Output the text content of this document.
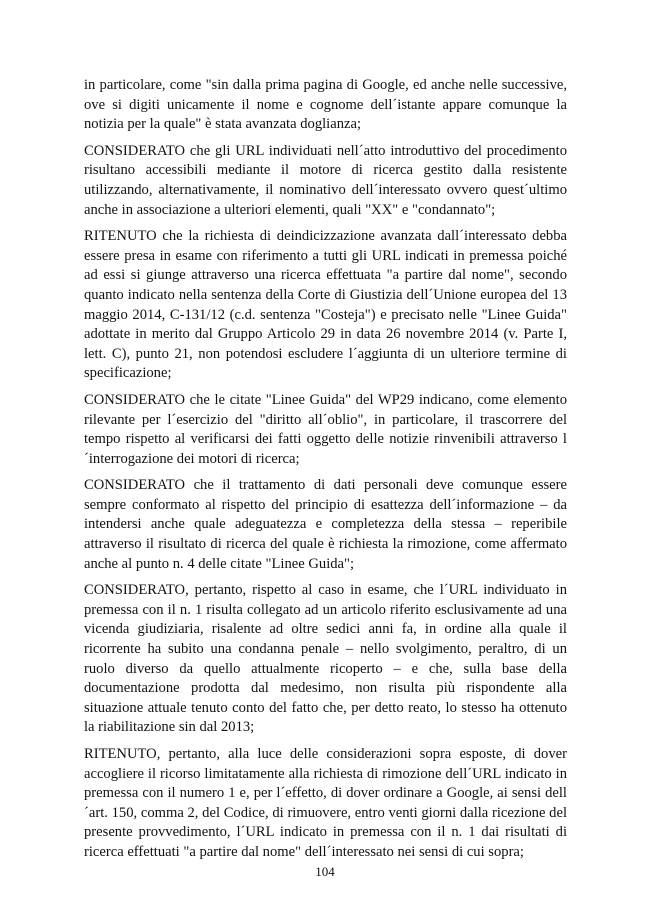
in particolare, come "sin dalla prima pagina di Google, ed anche nelle successive, ove si digiti unicamente il nome e cognome dell´istante appare comunque la notizia per la quale" è stata avanzata doglianza;

CONSIDERATO che gli URL individuati nell´atto introduttivo del procedimento risultano accessibili mediante il motore di ricerca gestito dalla resistente utilizzando, alternativamente, il nominativo dell´interessato ovvero quest´ultimo anche in associazione a ulteriori elementi, quali "XX" e "condannato";

RITENUTO che la richiesta di deindicizzazione avanzata dall´interessato debba essere presa in esame con riferimento a tutti gli URL indicati in premessa poiché ad essi si giunge attraverso una ricerca effettuata "a partire dal nome", secondo quanto indicato nella sentenza della Corte di Giustizia dell´Unione europea del 13 maggio 2014, C-131/12 (c.d. sentenza "Costeja") e precisato nelle "Linee Guida" adottate in merito dal Gruppo Articolo 29 in data 26 novembre 2014 (v. Parte I, lett. C), punto 21, non potendosi escludere l´aggiunta di un ulteriore termine di specificazione;

CONSIDERATO che le citate "Linee Guida" del WP29 indicano, come elemento rilevante per l´esercizio del "diritto all´oblio", in particolare, il trascorrere del tempo rispetto al verificarsi dei fatti oggetto delle notizie rinvenibili attraverso l´interrogazione dei motori di ricerca;

CONSIDERATO che il trattamento di dati personali deve comunque essere sempre conformato al rispetto del principio di esattezza dell´informazione – da intendersi anche quale adeguatezza e completezza della stessa – reperibile attraverso il risultato di ricerca del quale è richiesta la rimozione, come affermato anche al punto n. 4 delle citate "Linee Guida";

CONSIDERATO, pertanto, rispetto al caso in esame, che l´URL individuato in premessa con il n. 1 risulta collegato ad un articolo riferito esclusivamente ad una vicenda giudiziaria, risalente ad oltre sedici anni fa, in ordine alla quale il ricorrente ha subito una condanna penale – nello svolgimento, peraltro, di un ruolo diverso da quello attualmente ricoperto – e che, sulla base della documentazione prodotta dal medesimo, non risulta più rispondente alla situazione attuale tenuto conto del fatto che, per detto reato, lo stesso ha ottenuto la riabilitazione sin dal 2013;

RITENUTO, pertanto, alla luce delle considerazioni sopra esposte, di dover accogliere il ricorso limitatamente alla richiesta di rimozione dell´URL indicato in premessa con il numero 1 e, per l´effetto, di dover ordinare a Google, ai sensi dell´art. 150, comma 2, del Codice, di rimuovere, entro venti giorni dalla ricezione del presente provvedimento, l´URL indicato in premessa con il n. 1 dai risultati di ricerca effettuati "a partire dal nome" dell´interessato nei sensi di cui sopra;

104
